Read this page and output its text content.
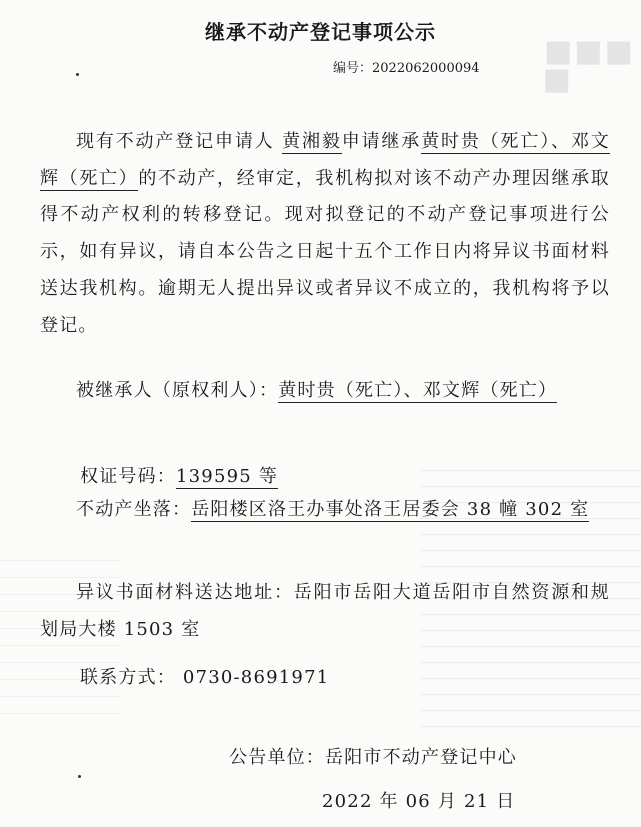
■■■
■
继承不动产登记事项公示
编号：2022062000094
现有不动产登记申请人 黄湘毅申请继承黄时贵（死亡）、邓文辉（死亡）的不动产，经审定，我机构拟对该不动产办理因继承取得不动产权利的转移登记。现对拟登记的不动产登记事项进行公示，如有异议，请自本公告之日起十五个工作日内将异议书面材料送达我机构。逾期无人提出异议或者异议不成立的，我机构将予以登记。
被继承人（原权利人）：黄时贵（死亡）、邓文辉（死亡）
权证号码：139595 等
不动产坐落：岳阳楼区洛王办事处洛王居委会 38 幢 302 室
异议书面材料送达地址：岳阳市岳阳大道岳阳市自然资源和规划局大楼 1503 室
联系方式： 0730-8691971
公告单位：岳阳市不动产登记中心
2022 年 06 月 21 日
